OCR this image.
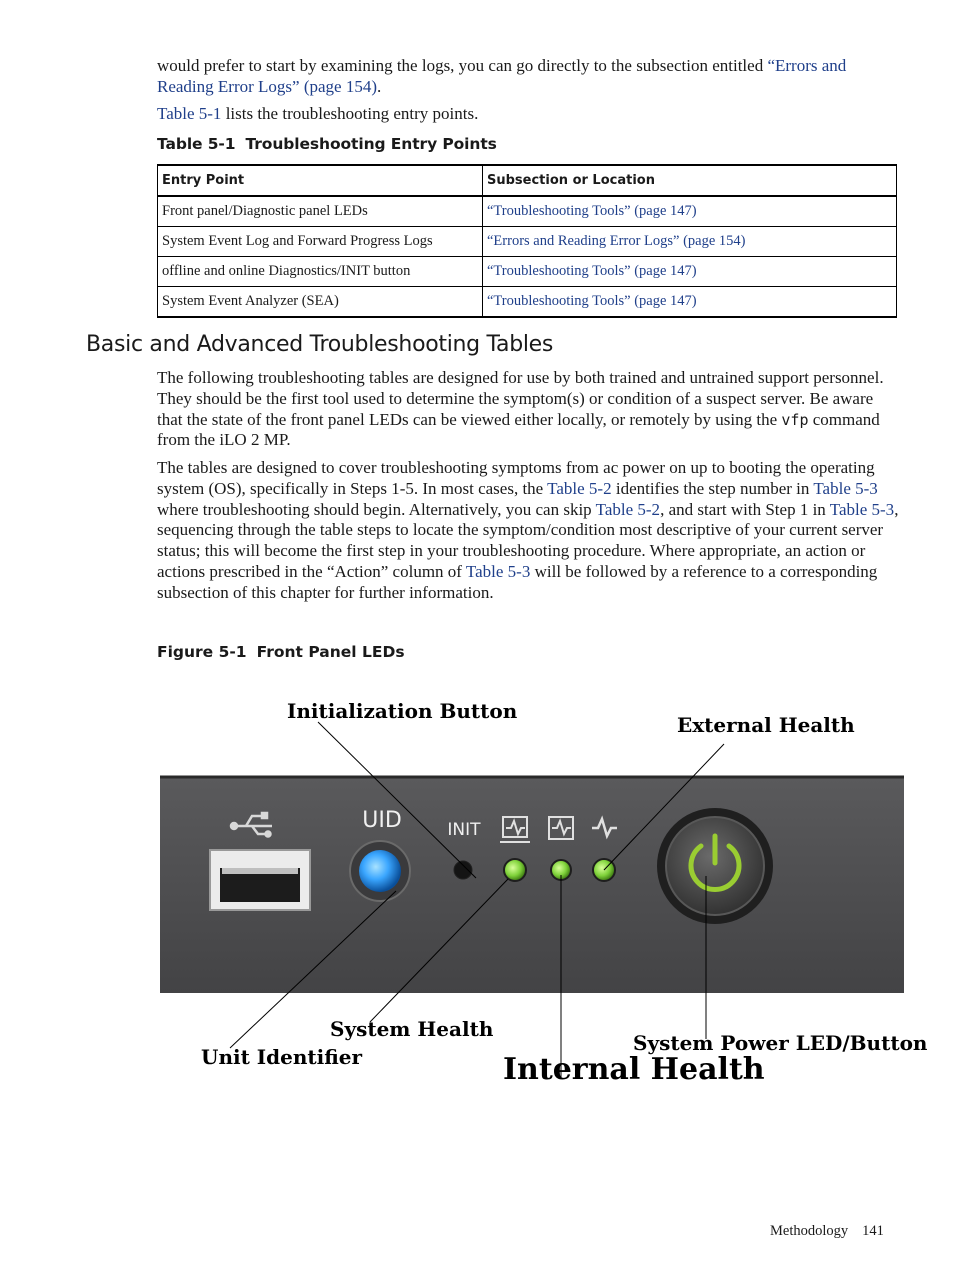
would prefer to start by examining the logs, you can go directly to the subsection entitled “Errors and Reading Error Logs” (page 154).

Table 5-1 lists the troubleshooting entry points.

Table 5-1 Troubleshooting Entry Points
Entry Point	Subsection or Location
Front panel/Diagnostic panel LEDs	“Troubleshooting Tools” (page 147)
System Event Log and Forward Progress Logs	“Errors and Reading Error Logs” (page 154)
offline and online Diagnostics/INIT button	“Troubleshooting Tools” (page 147)
System Event Analyzer (SEA)	“Troubleshooting Tools” (page 147)
Basic and Advanced Troubleshooting Tables

The following troubleshooting tables are designed for use by both trained and untrained support personnel. They should be the first tool used to determine the symptom(s) or condition of a suspect server. Be aware that the state of the front panel LEDs can be viewed either locally, or remotely by using the vfp command from the iLO 2 MP.

The tables are designed to cover troubleshooting symptoms from ac power on up to booting the operating system (OS), specifically in Steps 1-5. In most cases, the Table 5-2 identifies the step number in Table 5-3 where troubleshooting should begin. Alternatively, you can skip Table 5-2, and start with Step 1 in Table 5-3, sequencing through the table steps to locate the symptom/condition most descriptive of your current server status; this will become the first step in your troubleshooting procedure. Where appropriate, an action or actions prescribed in the “Action” column of Table 5-3 will be followed by a reference to a corresponding subsection of this chapter for further information.

Figure 5-1 Front Panel LEDs
UID	INIT
Initialization Button
External Health
System Health
Unit Identifier
System Power LED/Button
Internal Health
Methodology 141
